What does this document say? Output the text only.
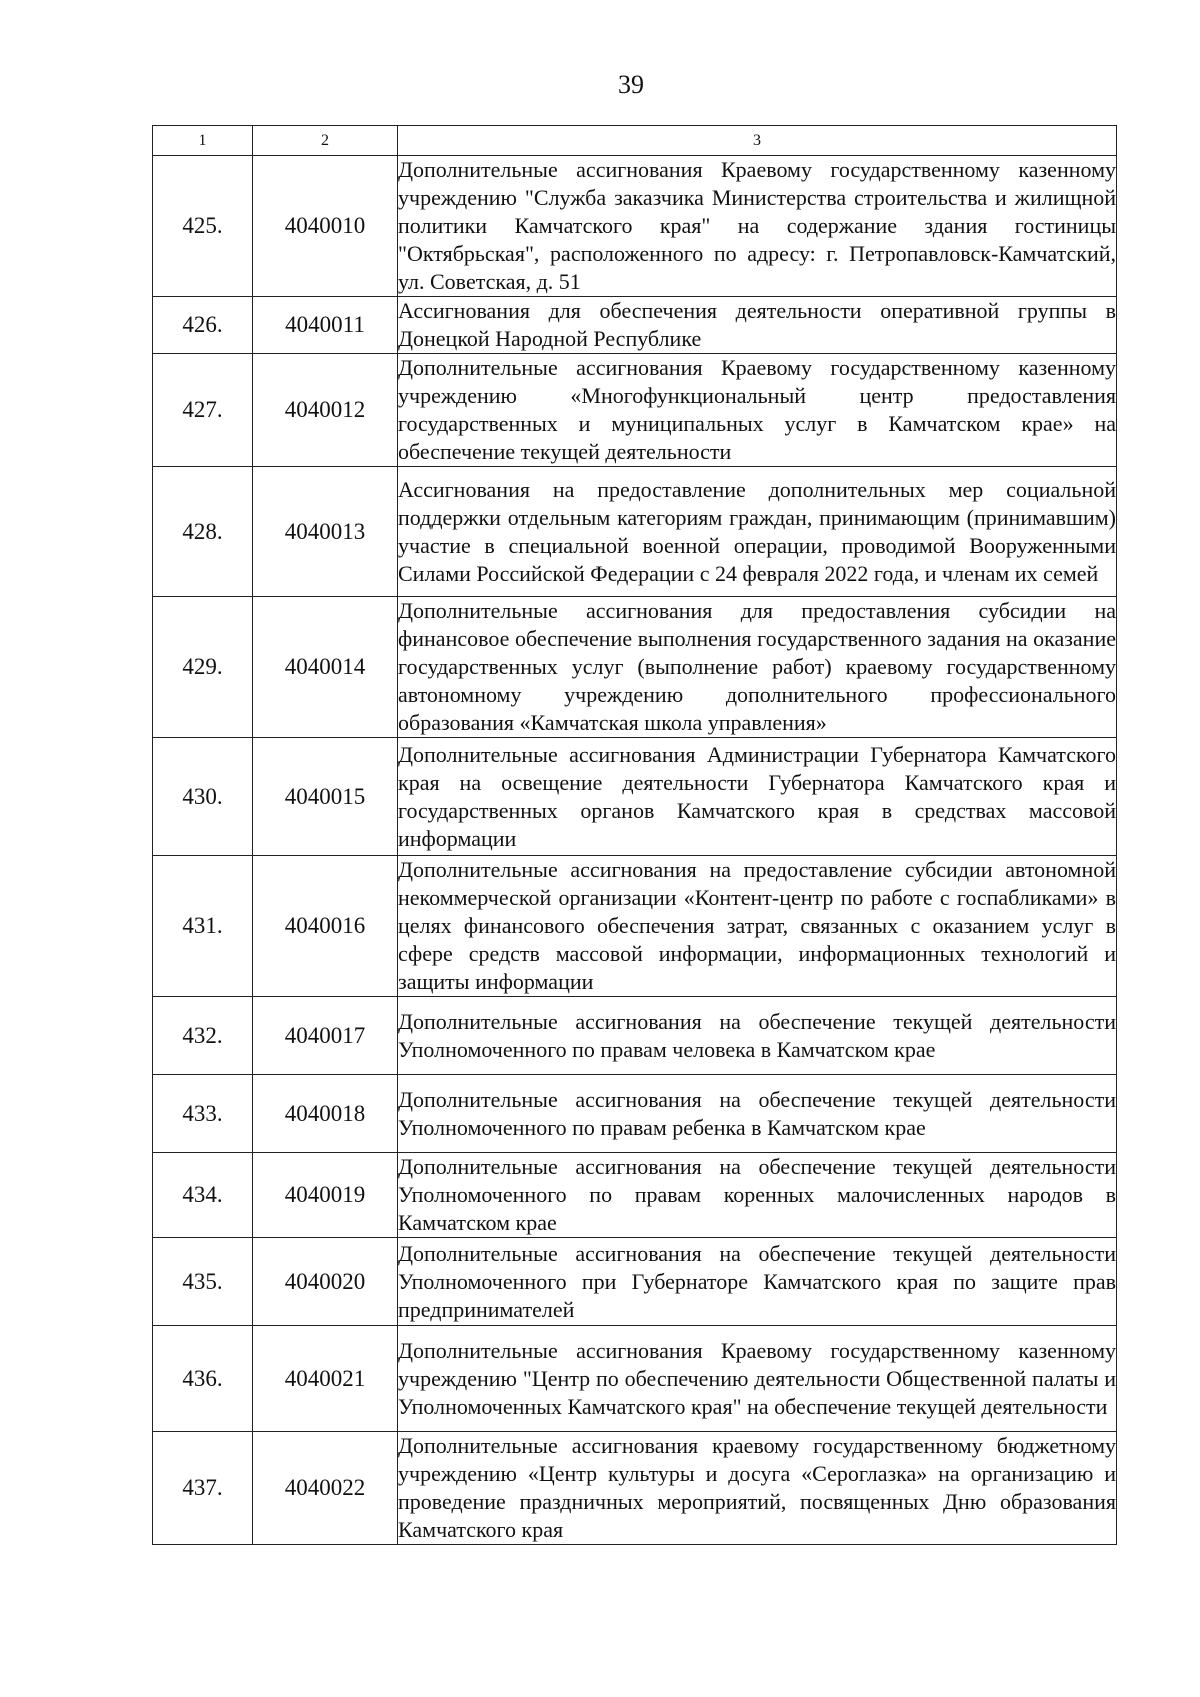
39
1	2	3
425.	4040010	Дополнительные ассигнования Краевому государственному казенному учреждению "Служба заказчика Министерства строительства и жилищной политики Камчатского края" на содержание здания гостиницы "Октябрьская", расположенного по адресу: г. Петропавловск-Камчатский, ул. Советская, д. 51
426.	4040011	Ассигнования для обеспечения деятельности оперативной группы в Донецкой Народной Республике
427.	4040012	Дополнительные ассигнования Краевому государственному казенному учреждению «Многофункциональный центр предоставления государственных и муниципальных услуг в Камчатском крае» на обеспечение текущей деятельности
428.	4040013	Ассигнования на предоставление дополнительных мер социальной поддержки отдельным категориям граждан, принимающим (принимавшим) участие в специальной военной операции, проводимой Вооруженными Силами Российской Федерации с 24 февраля 2022 года, и членам их семей
429.	4040014	Дополнительные ассигнования для предоставления субсидии на финансовое обеспечение выполнения государственного задания на оказание государственных услуг (выполнение работ) краевому государственному автономному учреждению дополнительного профессионального образования «Камчатская школа управления»
430.	4040015	Дополнительные ассигнования Администрации Губернатора Камчатского края на освещение деятельности Губернатора Камчатского края и государственных органов Камчатского края в средствах массовой информации
431.	4040016	Дополнительные ассигнования на предоставление субсидии автономной некоммерческой организации «Контент-центр по работе с госпабликами» в целях финансового обеспечения затрат, связанных с оказанием услуг в сфере средств массовой информации, информационных технологий и защиты информации
432.	4040017	Дополнительные ассигнования на обеспечение текущей деятельности Уполномоченного по правам человека в Камчатском крае
433.	4040018	Дополнительные ассигнования на обеспечение текущей деятельности Уполномоченного по правам ребенка в Камчатском крае
434.	4040019	Дополнительные ассигнования на обеспечение текущей деятельности Уполномоченного по правам коренных малочисленных народов в Камчатском крае
435.	4040020	Дополнительные ассигнования на обеспечение текущей деятельности Уполномоченного при Губернаторе Камчатского края по защите прав предпринимателей
436.	4040021	Дополнительные ассигнования Краевому государственному казенному учреждению "Центр по обеспечению деятельности Общественной палаты и Уполномоченных Камчатского края" на обеспечение текущей деятельности
437.	4040022	Дополнительные ассигнования краевому государственному бюджетному учреждению «Центр культуры и досуга «Сероглазка» на организацию и проведение праздничных мероприятий, посвященных Дню образования Камчатского края
